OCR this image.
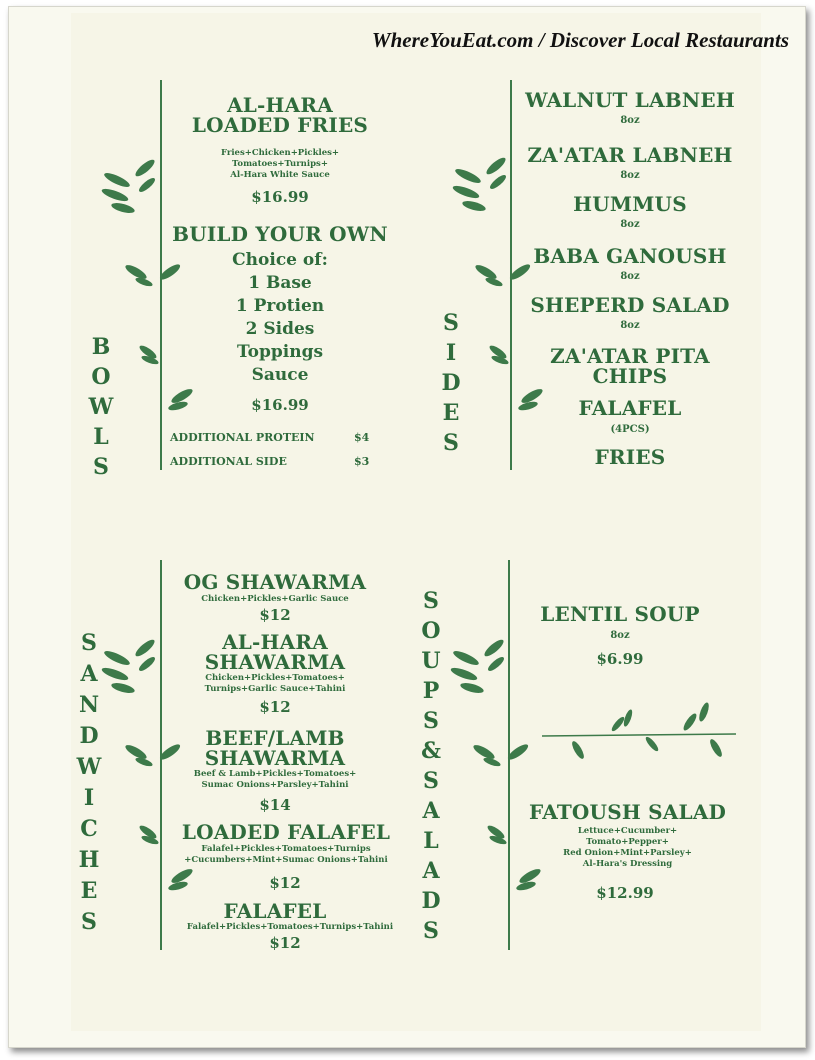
WhereYouEat.com / Discover Local Restaurants
B
O
W
L
S
AL-HARA
LOADED FRIES
Fries+Chicken+Pickles+
Tomatoes+Turnips+
Al-Hara White Sauce
$16.99
BUILD YOUR OWN
Choice of:
1 Base
1 Protien
2 Sides
Toppings
Sauce
$16.99
ADDITIONAL PROTEIN	$4
ADDITIONAL SIDE	$3
S
I
D
E
S
WALNUT LABNEH
8oz
ZA'ATAR LABNEH
8oz
HUMMUS
8oz
BABA GANOUSH
8oz
SHEPERD SALAD
8oz
ZA'ATAR PITA
CHIPS
FALAFEL
(4PCS)
FRIES
S
A
N
D
W
I
C
H
E
S
OG SHAWARMA
Chicken+Pickles+Garlic Sauce
$12
AL-HARA
SHAWARMA
Chicken+Pickles+Tomatoes+
Turnips+Garlic Sauce+Tahini
$12
BEEF/LAMB
SHAWARMA
Beef & Lamb+Pickles+Tomatoes+
Sumac Onions+Parsley+Tahini
$14
LOADED FALAFEL
Falafel+Pickles+Tomatoes+Turnips
+Cucumbers+Mint+Sumac Onions+Tahini
$12
FALAFEL
Falafel+Pickles+Tomatoes+Turnips+Tahini
$12
S
O
U
P
S
&
S
A
L
A
D
S
LENTIL SOUP
8oz
$6.99
FATOUSH SALAD
Lettuce+Cucumber+
Tomato+Pepper+
Red Onion+Mint+Parsley+
Al-Hara's Dressing
$12.99
